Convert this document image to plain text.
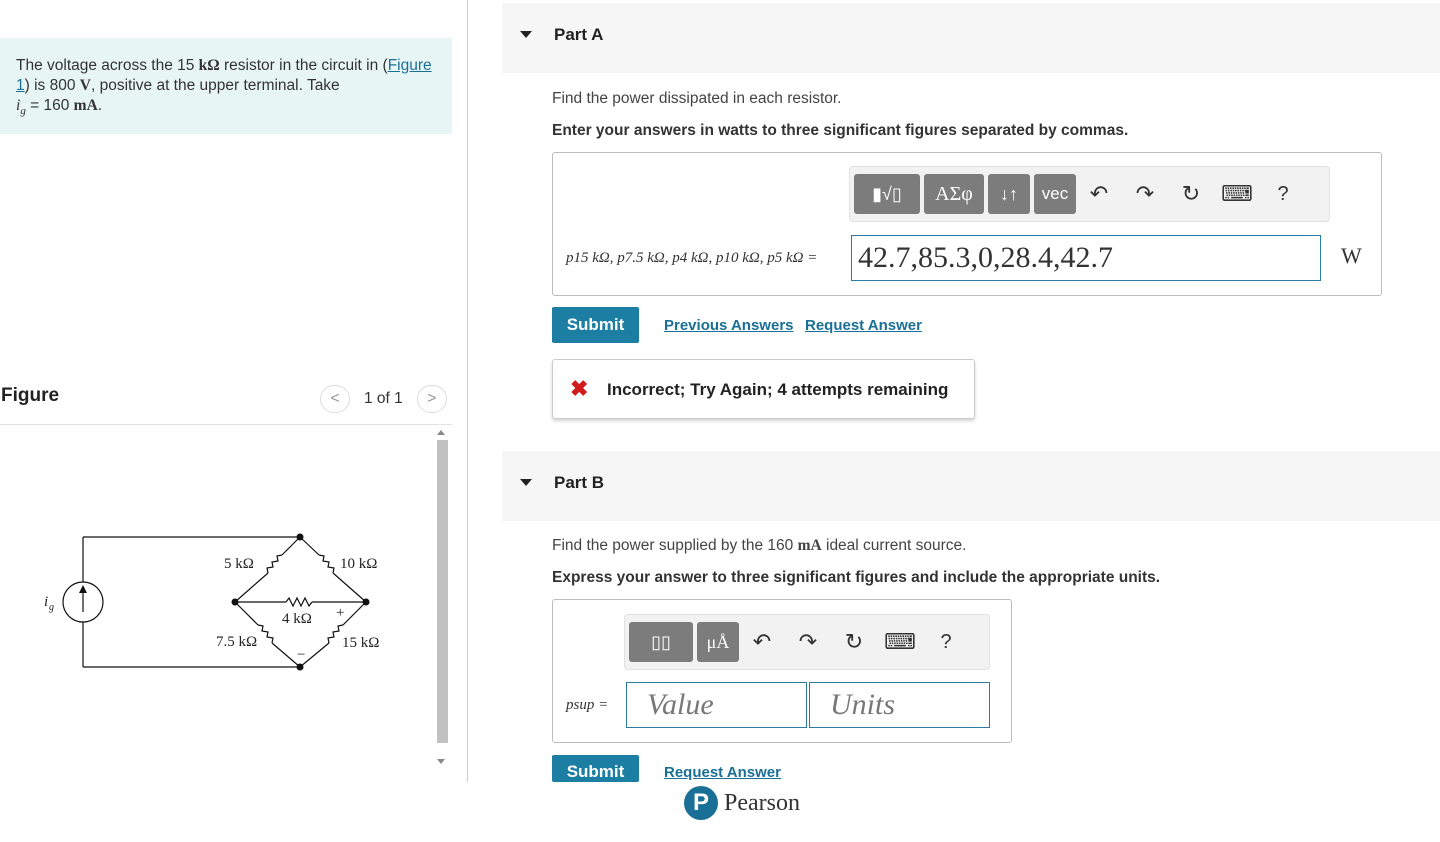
The voltage across the 15 kΩ resistor in the circuit in (Figure 1) is 800 V, positive at the upper terminal. Take
$i_g = 160$ mA.
Figure	<	1 of 1	>
5 kΩ	10 kΩ
4 kΩ
7.5 kΩ	15 kΩ
+
−
i g
Part A
Find the power dissipated in each resistor.
Enter your answers in watts to three significant figures separated by commas.
▮√▯	ΑΣφ	↓↑	vec ↶	↷	↻ ⌨	?
p15 kΩ, p7.5 kΩ, p4 kΩ, p10 kΩ, p5 kΩ = 42.7,85.3,0,28.4,42.7	W
Submit	Previous Answers Request Answer
✖ Incorrect; Try Again; 4 attempts remaining
Part B
Find the power supplied by the 160 mA ideal current source.
Express your answer to three significant figures and include the appropriate units.
▯▯	μÅ	↶	↷	↻ ⌨	?
psup =	Value	Units
Submit	Request Answer
P Pearson
